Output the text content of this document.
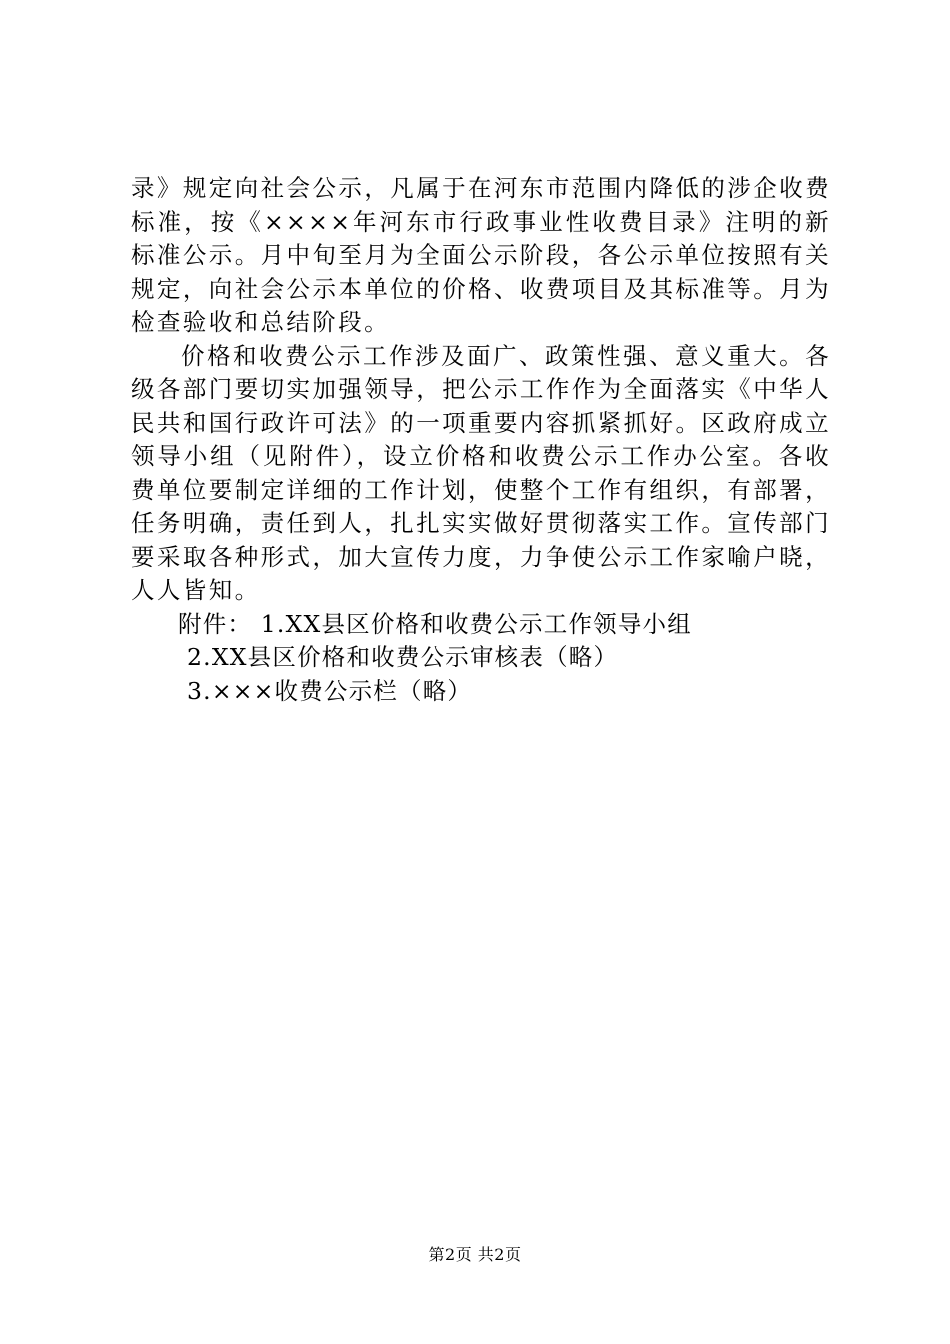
录》规定向社会公示，凡属于在河东市范围内降低的涉企收费标准，按《××××年河东市行政事业性收费目录》注明的新标准公示。月中旬至月为全面公示阶段，各公示单位按照有关规定，向社会公示本单位的价格、收费项目及其标准等。月为检查验收和总结阶段。

价格和收费公示工作涉及面广、政策性强、意义重大。各级各部门要切实加强领导，把公示工作作为全面落实《中华人民共和国行政许可法》的一项重要内容抓紧抓好。区政府成立领导小组（见附件），设立价格和收费公示工作办公室。各收费单位要制定详细的工作计划，使整个工作有组织，有部署，任务明确，责任到人，扎扎实实做好贯彻落实工作。宣传部门要采取各种形式，加大宣传力度，力争使公示工作家喻户晓，人人皆知。

附件： 1.XX县区价格和收费公示工作领导小组

2.XX县区价格和收费公示审核表（略）

3.×××收费公示栏（略）

第2页 共2页
